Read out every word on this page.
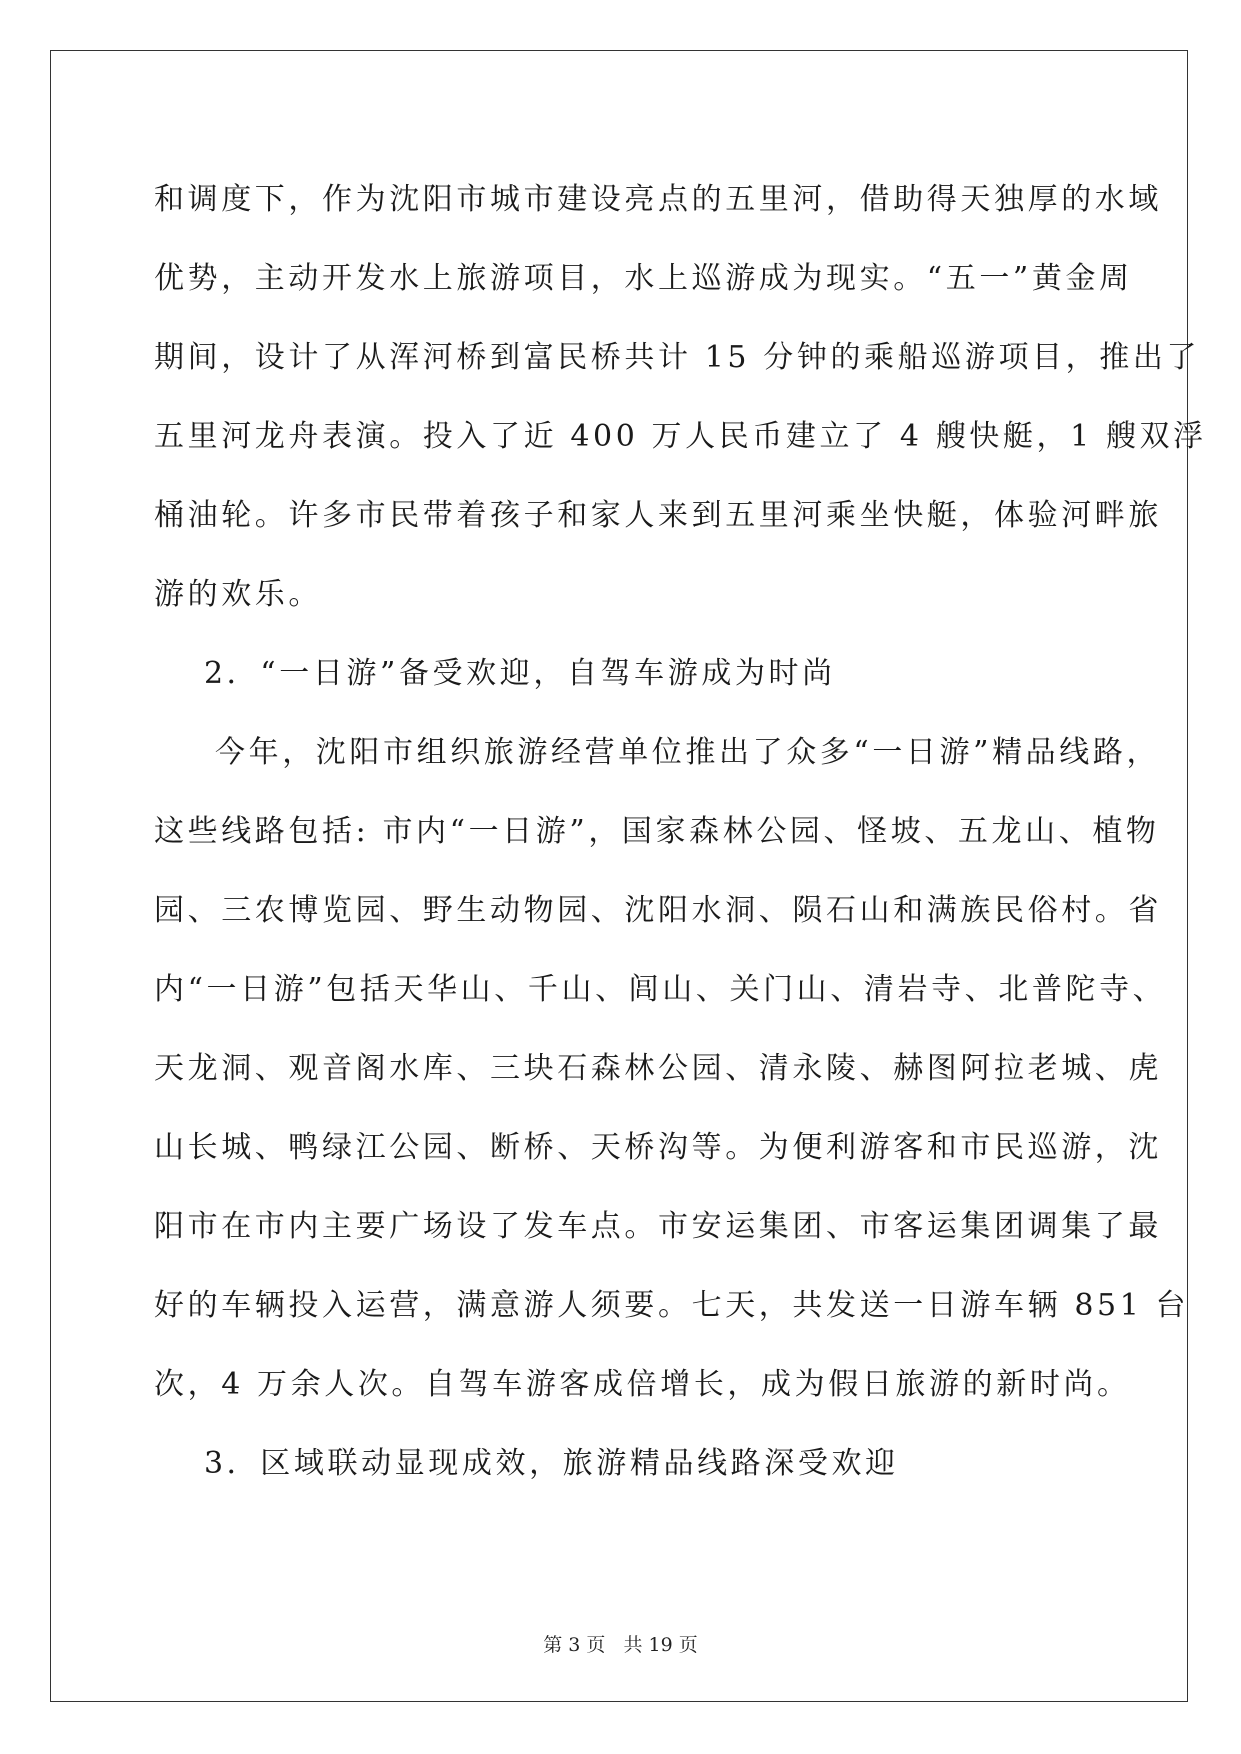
和调度下，作为沈阳市城市建设亮点的五里河，借助得天独厚的水域
优势，主动开发水上旅游项目，水上巡游成为现实。“五一”黄金周
期间，设计了从浑河桥到富民桥共计 15 分钟的乘船巡游项目，推出了
五里河龙舟表演。投入了近 400 万人民币建立了 4 艘快艇，1 艘双浮
桶油轮。许多市民带着孩子和家人来到五里河乘坐快艇，体验河畔旅
游的欢乐。
2．“一日游”备受欢迎，自驾车游成为时尚
今年，沈阳市组织旅游经营单位推出了众多“一日游”精品线路，
这些线路包括: 市内“一日游”，国家森林公园、怪坡、五龙山、植物
园、三农博览园、野生动物园、沈阳水洞、陨石山和满族民俗村。省
内“一日游”包括天华山、千山、闾山、关门山、清岩寺、北普陀寺、
天龙洞、观音阁水库、三块石森林公园、清永陵、赫图阿拉老城、虎
山长城、鸭绿江公园、断桥、天桥沟等。为便利游客和市民巡游，沈
阳市在市内主要广场设了发车点。市安运集团、市客运集团调集了最
好的车辆投入运营，满意游人须要。七天，共发送一日游车辆 851 台
次，4 万余人次。自驾车游客成倍增长，成为假日旅游的新时尚。
3．区域联动显现成效，旅游精品线路深受欢迎
第 3 页 共 19 页
